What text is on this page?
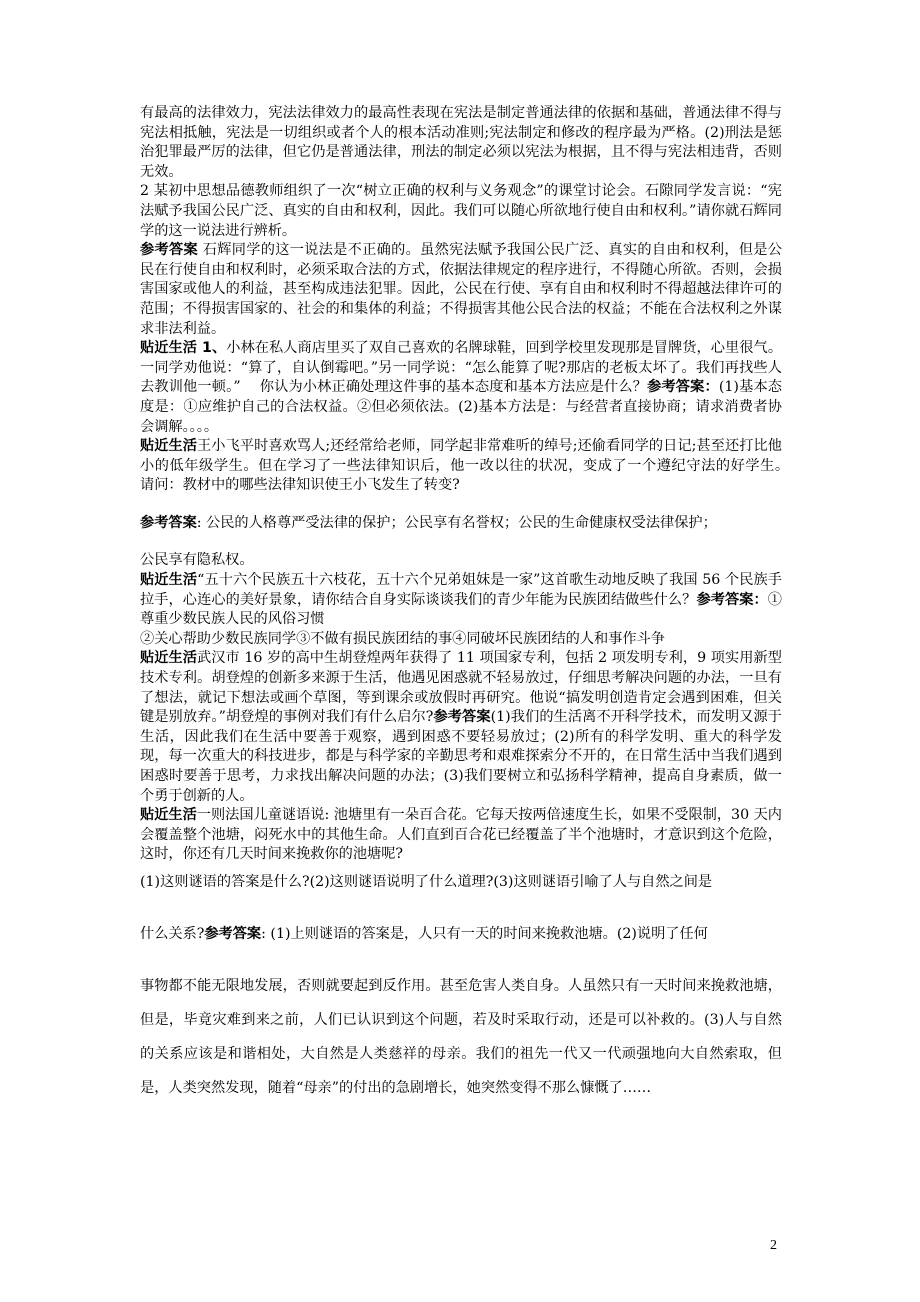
有最高的法律效力，宪法法律效力的最高性表现在宪法是制定普通法律的依据和基础，普通法律不得与宪法相抵触，宪法是一切组织或者个人的根本活动准则;宪法制定和修改的程序最为严格。(2)刑法是惩治犯罪最严厉的法律，但它仍是普通法律，刑法的制定必须以宪法为根据，且不得与宪法相违背，否则无效。

2 某初中思想品德教师组织了一次“树立正确的权利与义务观念”的课堂讨论会。石隙同学发言说：“宪法赋予我国公民广泛、真实的自由和权利，因此。我们可以随心所欲地行使自由和权利。”请你就石辉同学的这一说法进行辨析。

参考答案 石辉同学的这一说法是不正确的。虽然宪法赋予我国公民广泛、真实的自由和权利，但是公民在行使自由和权利时，必须采取合法的方式，依据法律规定的程序进行，不得随心所欲。否则，会损害国家或他人的利益，甚至构成违法犯罪。因此，公民在行使、享有自由和权利时不得超越法律许可的范围；不得损害国家的、社会的和集体的利益；不得损害其他公民合法的权益；不能在合法权利之外谋求非法利益。

贴近生活 1、小林在私人商店里买了双自己喜欢的名牌球鞋，回到学校里发现那是冒牌货，心里很气。一同学劝他说：“算了，自认倒霉吧。”另一同学说：“怎么能算了呢?那店的老板太坏了。我们再找些人去教训他一顿。”　 你认为小林正确处理这件事的基本态度和基本方法应是什么？参考答案：(1)基本态度是：①应维护自己的合法权益。②但必须依法。(2)基本方法是：与经营者直接协商；请求消费者协会调解。。。。

贴近生活王小飞平时喜欢骂人;还经常给老师，同学起非常难听的绰号;还偷看同学的日记;甚至还打比他小的低年级学生。但在学习了一些法律知识后，他一改以往的状况，变成了一个遵纪守法的好学生。　　请问：教材中的哪些法律知识使王小飞发生了转变?

参考答案: 公民的人格尊严受法律的保护；公民享有名誉权；公民的生命健康权受法律保护；

公民享有隐私权。

贴近生活“五十六个民族五十六枝花，五十六个兄弟姐妹是一家”这首歌生动地反映了我国 56 个民族手拉手，心连心的美好景象，请你结合自身实际谈谈我们的青少年能为民族团结做些什么？参考答案：①尊重少数民族人民的风俗习惯

②关心帮助少数民族同学③不做有损民族团结的事④同破坏民族团结的人和事作斗争

贴近生活武汉市 16 岁的高中生胡登煌两年获得了 11 项国家专利，包括 2 项发明专利，9 项实用新型技术专利。胡登煌的创新多来源于生活，他遇见困惑就不轻易放过，仔细思考解决问题的办法，一旦有了想法，就记下想法或画个草图，等到课余或放假时再研究。他说“搞发明创造肯定会遇到困难，但关键是别放弃。”胡登煌的事例对我们有什么启尔?参考答案(1)我们的生活离不开科学技术，而发明又源于生活，因此我们在生活中要善于观察，遇到困惑不要轻易放过；(2)所有的科学发明、重大的科学发现，每一次重大的科技进步，都是与科学家的辛勤思考和艰难探索分不开的，在日常生活中当我们遇到困惑时要善于思考，力求找出解决问题的办法；(3)我们要树立和弘扬科学精神，提高自身素质，做一个勇于创新的人。

贴近生活一则法国儿童谜语说: 池塘里有一朵百合花。它每天按两倍速度生长，如果不受限制，30 天内会覆盖整个池塘，闷死水中的其他生命。人们直到百合花已经覆盖了半个池塘时，才意识到这个危险，这时，你还有几天时间来挽救你的池塘呢?

(1)这则谜语的答案是什么?(2)这则谜语说明了什么道理?(3)这则谜语引喻了人与自然之间是

什么关系?参考答案: (1)上则谜语的答案是，人只有一天的时间来挽救池塘。(2)说明了任何

事物都不能无限地发展，否则就要起到反作用。甚至危害人类自身。人虽然只有一天时间来挽救池塘，但是，毕竟灾难到来之前，人们已认识到这个问题，若及时采取行动，还是可以补救的。(3)人与自然的关系应该是和谐相处，大自然是人类慈祥的母亲。我们的祖先一代又一代顽强地向大自然索取，但是，人类突然发现，随着“母亲”的付出的急剧增长，她突然变得不那么慷慨了……

2
